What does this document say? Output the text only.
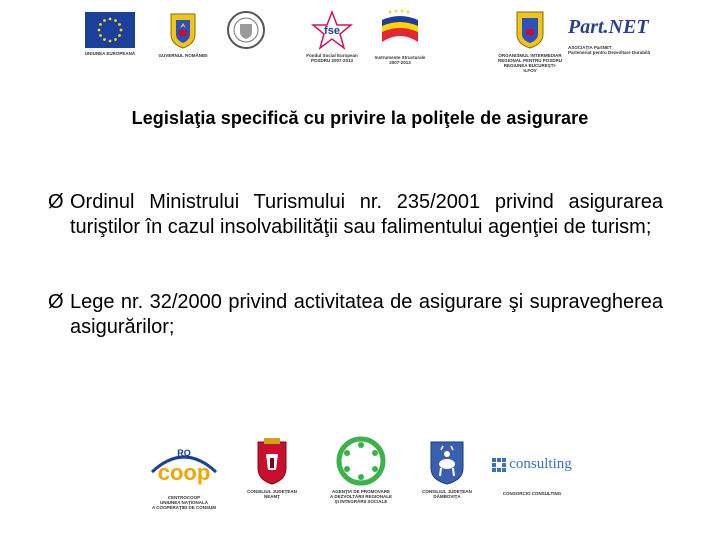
UNIUNEA EUROPEANĂ	GUVERNUL ROMÂNIEI
fse
Fondul Social European
POSDRU 2007-2013
Instrumente Structurale
2007-2013
ORGANISMUL INTERMEDIAR
REGIONAL PENTRU POSDRU
REGIUNEA BUCUREŞTI-ILFOV
Part.NET
ASOCIAŢIA PartNET
Parteneriat pentru Dezvoltare Durabilă
Legislaţia specifică cu privire la poliţele de asigurare
Ø Ordinul Ministrului Turismului nr. 235/2001 privind asigurarea turiştilor în cazul insolvabilităţii sau falimentului agenţiei de turism;
Ø Lege nr. 32/2000 privind activitatea de asigurare şi supravegherea asigurărilor;
RO
coop
CENTROCOOP
UNIUNEA NAŢIONALĂ
A COOPERAŢIEI DE CONSUM
CONSILIUL JUDEŢEAN
NEAMŢ
AGENŢIA DE PROMOVARE
A DEZVOLTĂRII REGIONALE
ŞI INTEGRĂRII SOCIALE
CONSILIUL JUDEŢEAN
DÂMBOVIŢA
consulting
CONSORCIO CONSULTING
